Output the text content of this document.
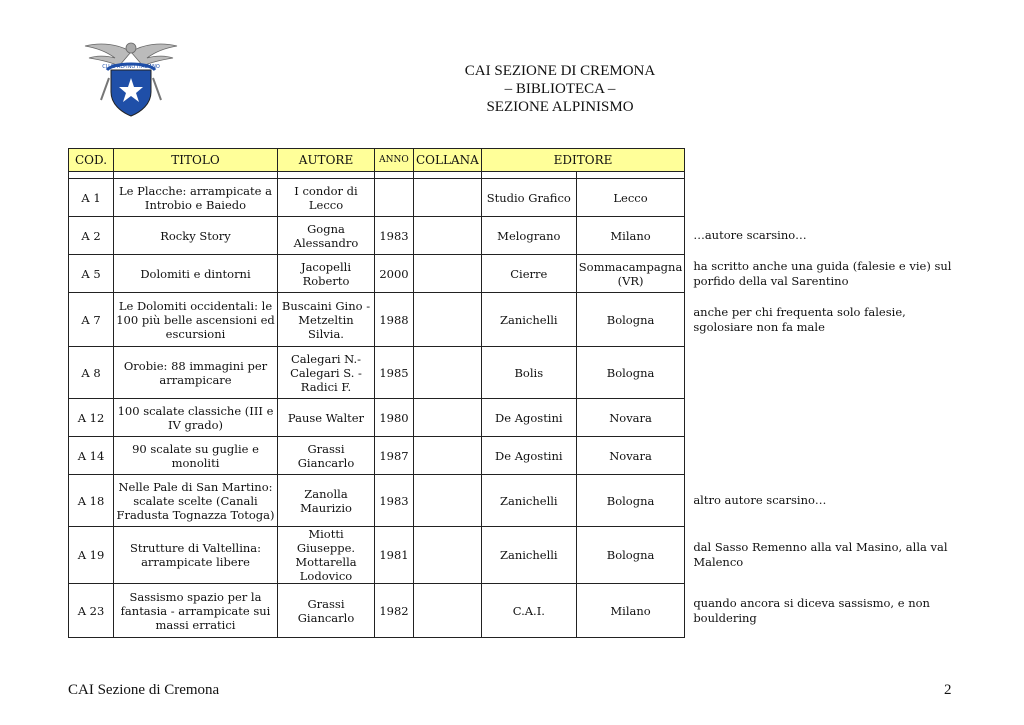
CLUB ALPINO ITALIANO	CAI SEZIONE DI CREMONA
– BIBLIOTECA –
SEZIONE ALPINISMO
COD.	TITOLO	AUTORE	ANNO	COLLANA	EDITORE		

A 1	Le Placche: arrampicate a Introbio e Baiedo	I condor di Lecco			Studio Grafico	Lecco	
A 2	Rocky Story	Gogna Alessandro	1983		Melograno	Milano	…autore scarsino…
A 5	Dolomiti e dintorni	Jacopelli Roberto	2000		Cierre	Sommacampagna (VR)	ha scritto anche una guida (falesie e vie) sul porfido della val Sarentino
A 7	Le Dolomiti occidentali: le 100 più belle ascensioni ed escursioni	Buscaini Gino - Metzeltin Silvia.	1988		Zanichelli	Bologna	anche per chi frequenta solo falesie, sgolosiare non fa male
A 8	Orobie: 88 immagini per arrampicare	Calegari N.- Calegari S. - Radici F.	1985		Bolis	Bologna	
A 12	100 scalate classiche (III e IV grado)	Pause Walter	1980		De Agostini	Novara	
A 14	90 scalate su guglie e monoliti	Grassi Giancarlo	1987		De Agostini	Novara	
A 18	Nelle Pale di San Martino: scalate scelte (Canali Fradusta Tognazza Totoga)	Zanolla Maurizio	1983		Zanichelli	Bologna	altro autore scarsino…
A 19	Strutture di Valtellina: arrampicate libere	Miotti Giuseppe. Mottarella Lodovico	1981		Zanichelli	Bologna	dal Sasso Remenno alla val Masino, alla val Malenco
A 23	Sassismo spazio per la fantasia - arrampicate sui massi erratici	Grassi Giancarlo	1982		C.A.I.	Milano	quando ancora si diceva sassismo, e non bouldering
CAI Sezione di Cremona	2
